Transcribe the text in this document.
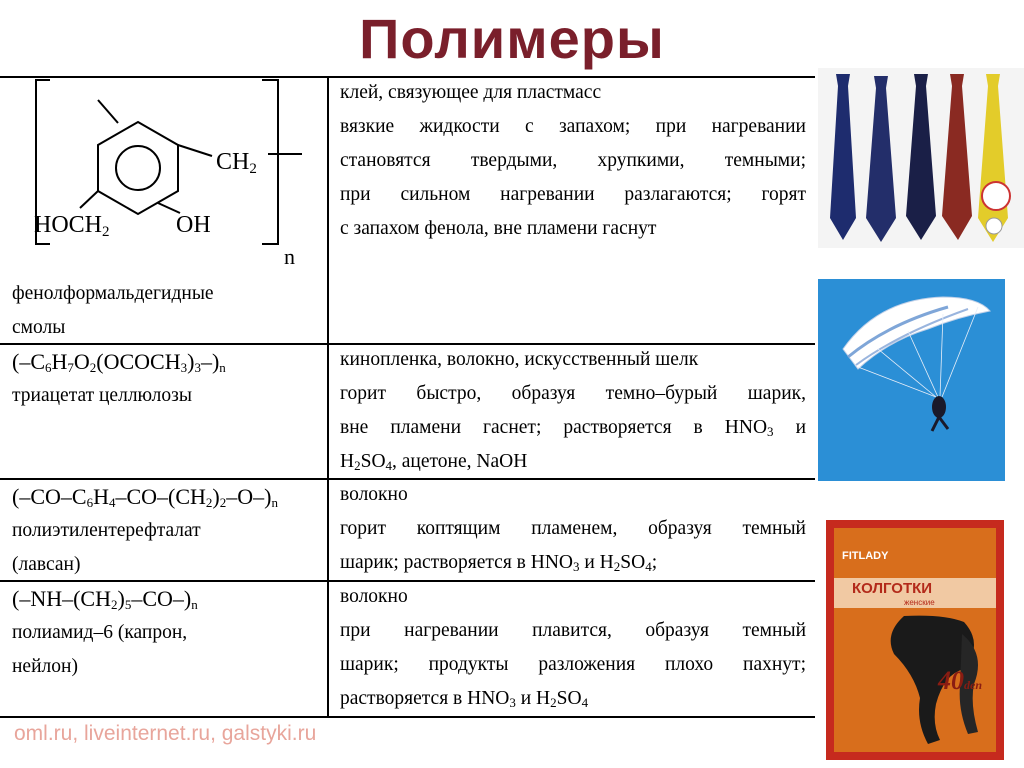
Полимеры
CH2
HOCH2	OH
n
фенолформальдегидные
смолы
клей, связующее для пластмасс
вязкие жидкости с запахом; при нагревании
становятся твердыми, хрупкими, темными;
при сильном нагревании разлагаются; горят
с запахом фенола, вне пламени гаснут
$(-C_6H_7O_2(OCOCH_3)_3-)_n$
триацетат целлюлозы
кинопленка, волокно, искусственный шелк
горит быстро, образуя темно–бурый шарик,
вне пламени гаснет; растворяется в $HNO_3$ и
$H_2SO_4$, ацетоне, NaOH
$(-CO-C_6H_4-CO-(CH_2)_2-O-)_n$
полиэтилентерефталат
(лавсан)
волокно
горит коптящим пламенем, образуя темный
шарик; растворяется в $HNO_3$ и $H_2SO_4$;
$(-NH-(CH_2)_5-CO-)_n$
полиамид–6 (капрон,
нейлон)
волокно
при нагревании плавится, образуя темный
шарик; продукты разложения плохо пахнут;
растворяется в $HNO_3$ и $H_2SO_4$
oml.ru, liveinternet.ru, galstyki.ru
FITLADY
КОЛГОТКИ
женские
40den
